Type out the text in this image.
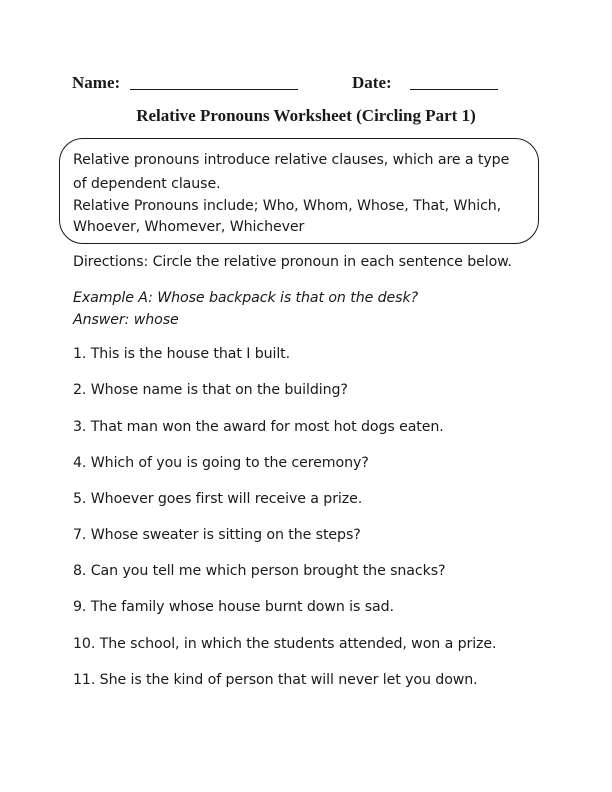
Name:	Date:
Relative Pronouns Worksheet (Circling Part 1)
Relative pronouns introduce relative clauses, which are a type
of dependent clause.
Relative Pronouns include; Who, Whom, Whose, That, Which,
Whoever, Whomever, Whichever
Directions: Circle the relative pronoun in each sentence below.
Example A: Whose backpack is that on the desk?
Answer: whose
1. This is the house that I built.
2. Whose name is that on the building?
3. That man won the award for most hot dogs eaten.
4. Which of you is going to the ceremony?
5. Whoever goes first will receive a prize.
7. Whose sweater is sitting on the steps?
8. Can you tell me which person brought the snacks?
9. The family whose house burnt down is sad.
10. The school, in which the students attended, won a prize.
11. She is the kind of person that will never let you down.
